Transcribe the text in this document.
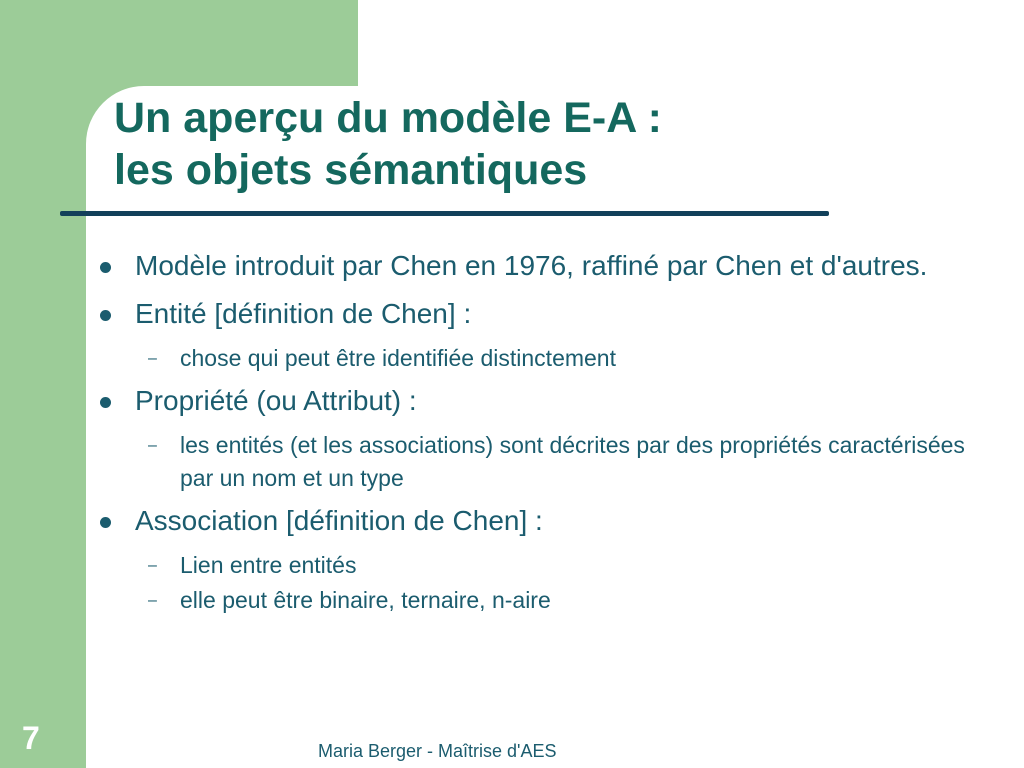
Un aperçu du modèle E-A :
les objets sémantiques
Modèle introduit par Chen en 1976, raffiné par Chen et d'autres.
Entité [définition de Chen] :
– chose qui peut être identifiée distinctement
Propriété (ou Attribut) :
– les entités (et les associations) sont décrites par des propriétés caractérisées par un nom et un type
Association [définition de Chen] :
– Lien entre entités
– elle peut être binaire, ternaire, n-aire
7	Maria Berger - Maîtrise d'AES
